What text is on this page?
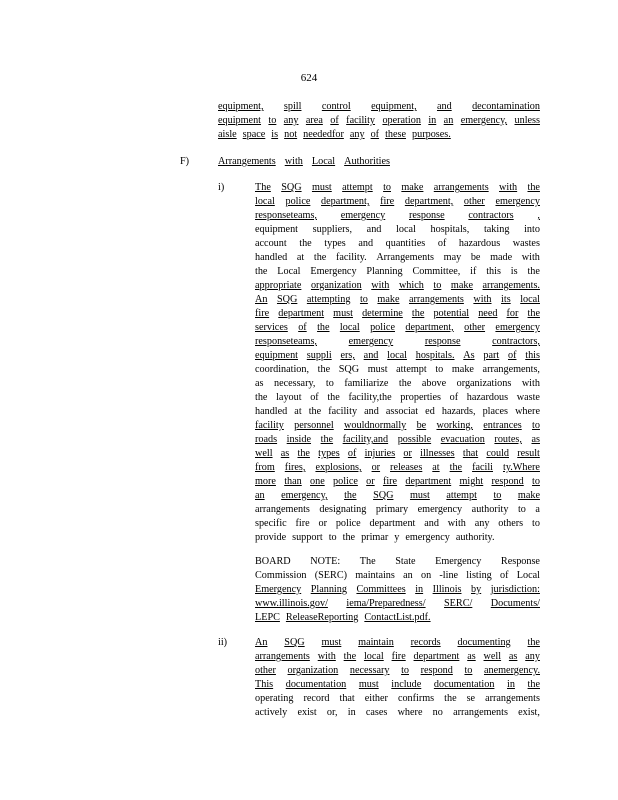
624
equipment, spill control equipment, and decontamination
equipment to any area of facility operation in an emergency, unless
aisle space is not neededfor any of these purposes.
F)	Arrangements with Local Authorities
i)	The SQG must attempt to make arrangements with the
local police department, fire department, other emergency
responseteams, emergency response contractors ,
equipment suppliers, and local hospitals, taking into
account the types and quantities of hazardous wastes
handled at the facility. Arrangements may be made with
the Local Emergency Planning Committee, if this is the
appropriate organization with which to make arrangements.
An SQG attempting to make arrangements with its local
fire department must determine the potential need for the
services of the local police department, other emergency
responseteams,	emergency	response	contractors,
equipment suppli ers, and local hospitals. As part of this
coordination, the SQG must attempt to make arrangements,
as necessary, to familiarize the above organizations with
the layout of the facility,the properties of hazardous waste
handled at the facility and associat ed hazards, places where
facility personnel wouldnormally be working, entrances to
roads inside the facility,and possible evacuation routes, as
well as the types of injuries or illnesses that could result
from fires, explosions, or releases at the facili ty.Where
more than one police or fire department might respond to
an emergency, the SQG must attempt to make
arrangements designating primary emergency authority to a
specific fire or police department and with any others to
provide support to the primar y emergency authority.
BOARD NOTE: The State Emergency Response
Commission (SERC) maintains an on -line listing of Local
Emergency Planning Committees in Illinois by jurisdiction:
www.illinois.gov/ iema/Preparedness/ SERC/ Documents/
LEPC ReleaseReporting ContactList.pdf.
ii)	An SQG must maintain records documenting the
arrangements with the local fire department as well as any
other organization necessary to respond to anemergency.
This documentation must include documentation in the
operating record that either confirms the se arrangements
actively exist or, in cases where no arrangements exist,
